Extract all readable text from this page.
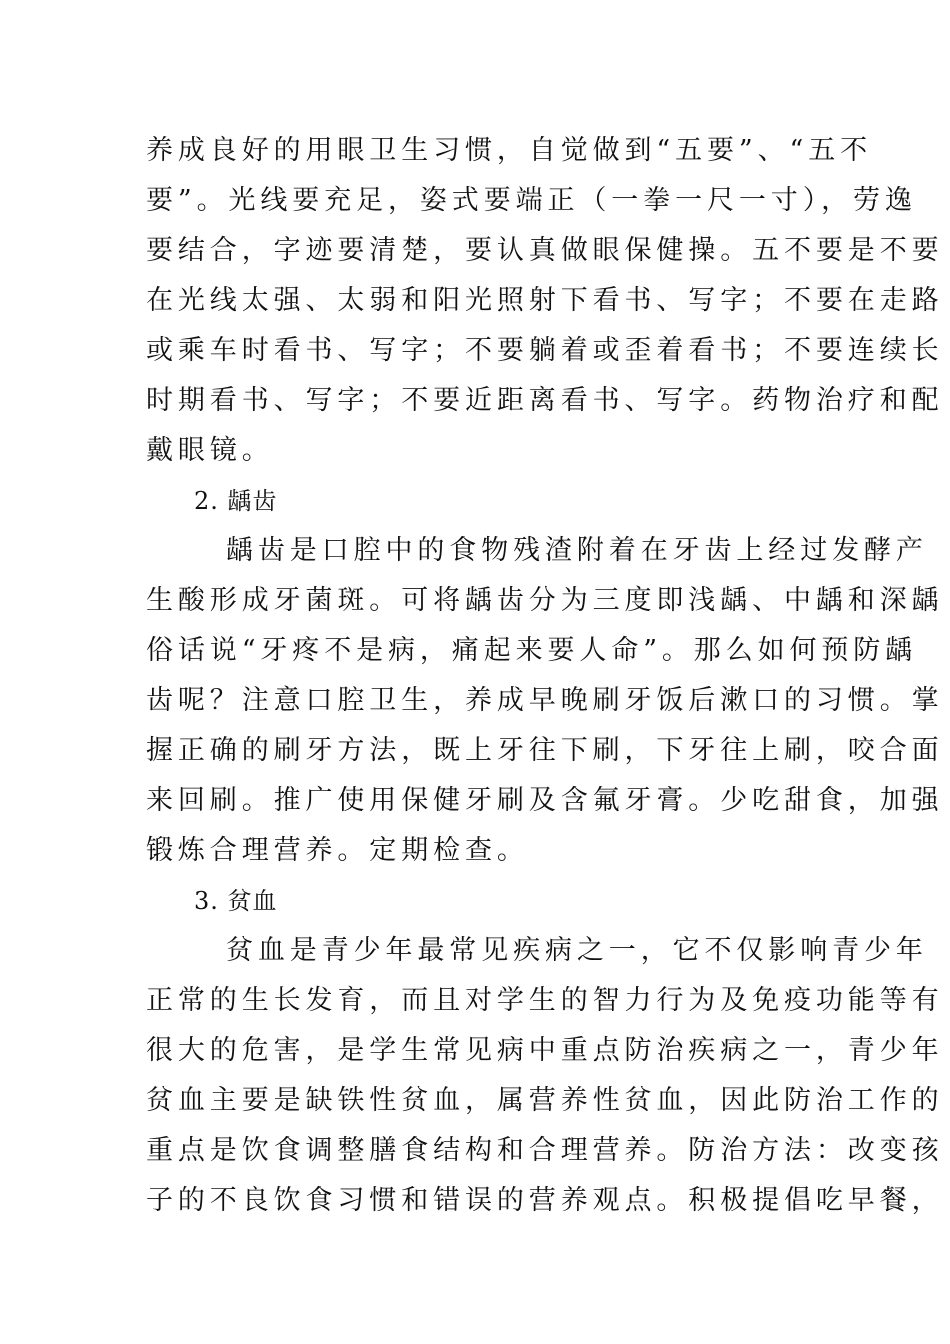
养成良好的用眼卫生习惯，自觉做到“五要”、“五不
要”。光线要充足，姿式要端正（一拳一尺一寸），劳逸
要结合，字迹要清楚，要认真做眼保健操。五不要是不要
在光线太强、太弱和阳光照射下看书、写字；不要在走路
或乘车时看书、写字；不要躺着或歪着看书；不要连续长
时期看书、写字；不要近距离看书、写字。药物治疗和配
戴眼镜。
2. 龋齿
龋齿是口腔中的食物残渣附着在牙齿上经过发酵产
生酸形成牙菌斑。可将龋齿分为三度即浅龋、中龋和深龋
俗话说“牙疼不是病，痛起来要人命”。那么如何预防龋
齿呢？注意口腔卫生，养成早晚刷牙饭后漱口的习惯。掌
握正确的刷牙方法，既上牙往下刷，下牙往上刷，咬合面
来回刷。推广使用保健牙刷及含氟牙膏。少吃甜食，加强
锻炼合理营养。定期检查。
3. 贫血
贫血是青少年最常见疾病之一，它不仅影响青少年
正常的生长发育，而且对学生的智力行为及免疫功能等有
很大的危害，是学生常见病中重点防治疾病之一，青少年
贫血主要是缺铁性贫血，属营养性贫血，因此防治工作的
重点是饮食调整膳食结构和合理营养。防治方法：改变孩
子的不良饮食习惯和错误的营养观点。积极提倡吃早餐，
